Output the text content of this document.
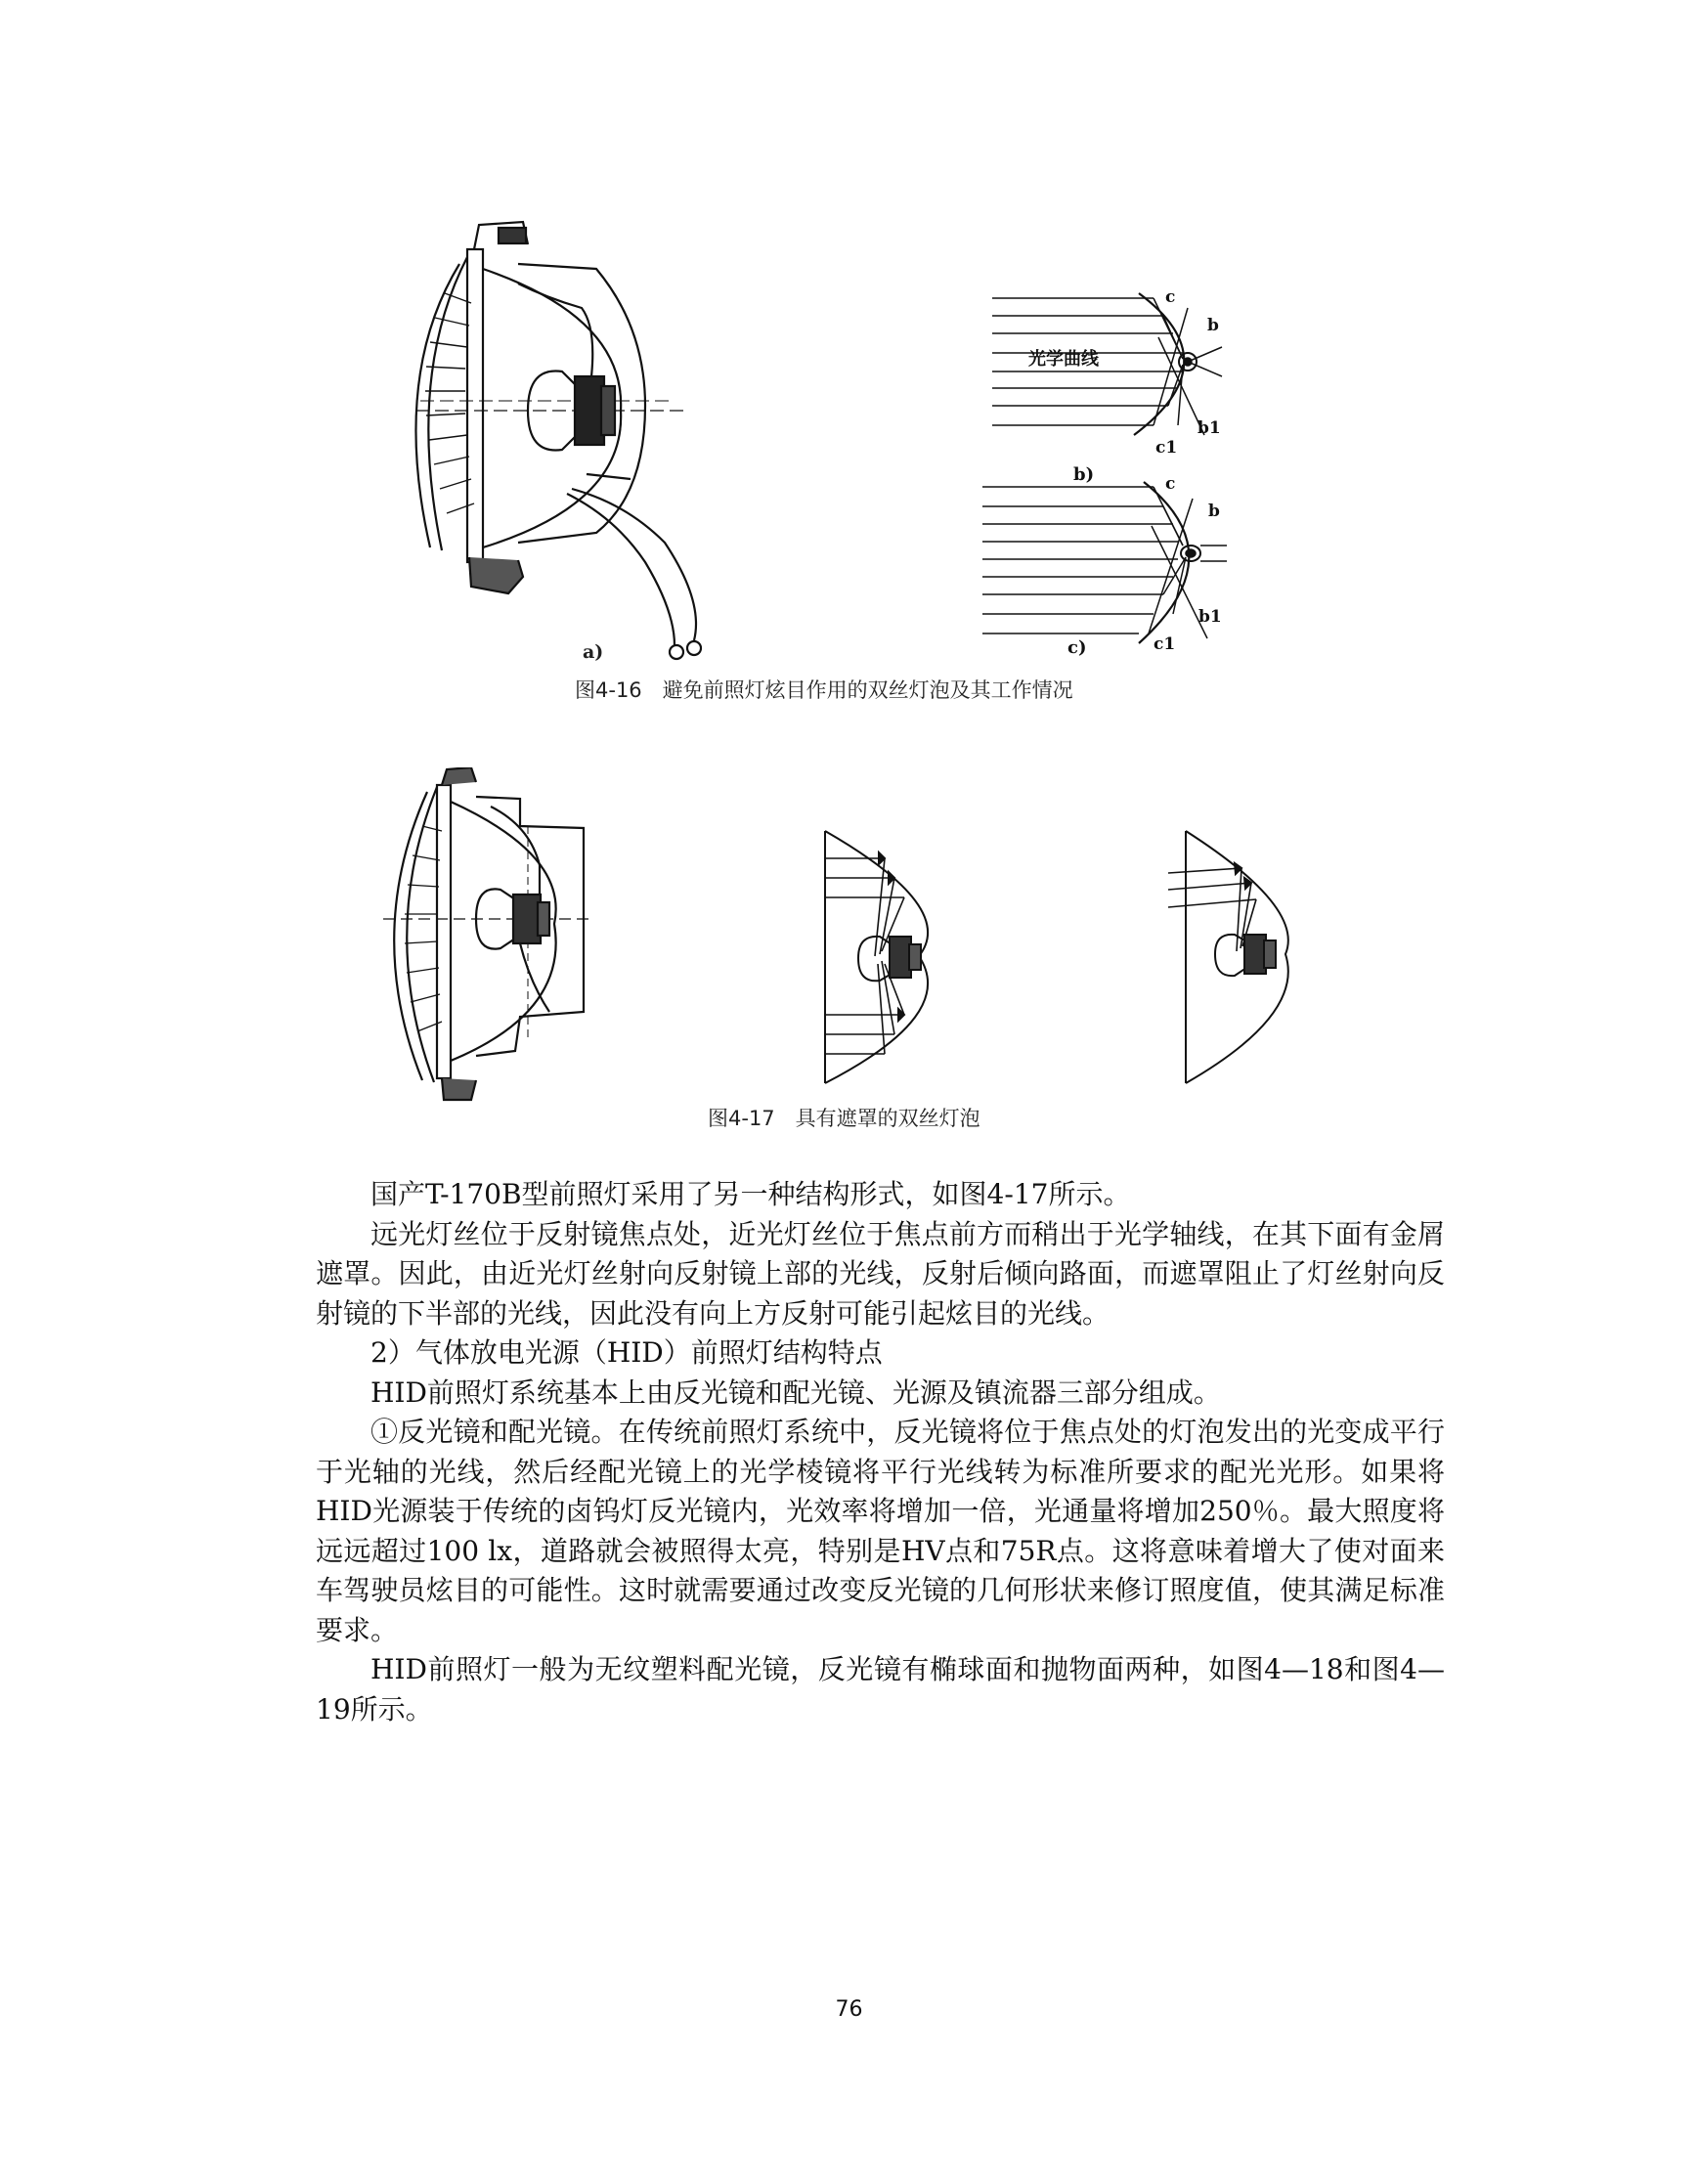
a)
光学曲线
c
b
b1
c1
b)	c
b
b1
c1
c)
图4-16　避免前照灯炫目作用的双丝灯泡及其工作情况
图4-17　具有遮罩的双丝灯泡

国产T-170B型前照灯采用了另一种结构形式，如图4-17所示。

远光灯丝位于反射镜焦点处，近光灯丝位于焦点前方而稍出于光学轴线，在其下面有金屑遮罩。因此，由近光灯丝射向反射镜上部的光线，反射后倾向路面，而遮罩阻止了灯丝射向反射镜的下半部的光线，因此没有向上方反射可能引起炫目的光线。

2）气体放电光源（HID）前照灯结构特点

HID前照灯系统基本上由反光镜和配光镜、光源及镇流器三部分组成。

①反光镜和配光镜。在传统前照灯系统中，反光镜将位于焦点处的灯泡发出的光变成平行于光轴的光线，然后经配光镜上的光学棱镜将平行光线转为标准所要求的配光光形。如果将HID光源装于传统的卤钨灯反光镜内，光效率将增加一倍，光通量将增加250％。最大照度将远远超过100 lx，道路就会被照得太亮，特别是HV点和75R点。这将意味着增大了使对面来车驾驶员炫目的可能性。这时就需要通过改变反光镜的几何形状来修订照度值，使其满足标准要求。

HID前照灯一般为无纹塑料配光镜，反光镜有椭球面和抛物面两种，如图4—18和图4—19所示。

76
